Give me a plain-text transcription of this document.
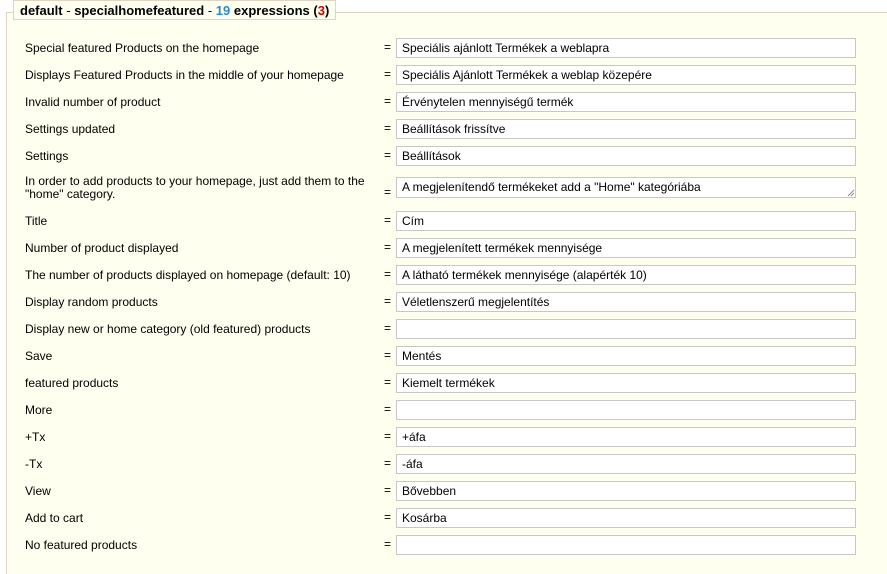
default - specialhomefeatured - 19 expressions (3)
Special featured Products on the homepage	=
Speciális ajánlott Termékek a weblapra
Displays Featured Products in the middle of your homepage	=
Speciális Ajánlott Termékek a weblap közepére
Invalid number of product	=
Érvénytelen mennyiségű termék
Settings updated	=
Beállítások frissítve
Settings	=
Beállítások
In order to add products to your homepage, just add them to the "home" category.	=
A megjelenítendő termékeket add a "Home" kategóriába
Title	=
Cím
Number of product displayed	=
A megjelenített termékek mennyisége
The number of products displayed on homepage (default: 10)	=
A látható termékek mennyisége (alapérték 10)
Display random products	=
Véletlenszerű megjelentítés
Display new or home category (old featured) products	=
Save	=
Mentés
featured products	=
Kiemelt termékek
More	=
+Tx	=
+áfa
-Tx	=
-áfa
View	=
Bővebben
Add to cart	=
Kosárba
No featured products	=
